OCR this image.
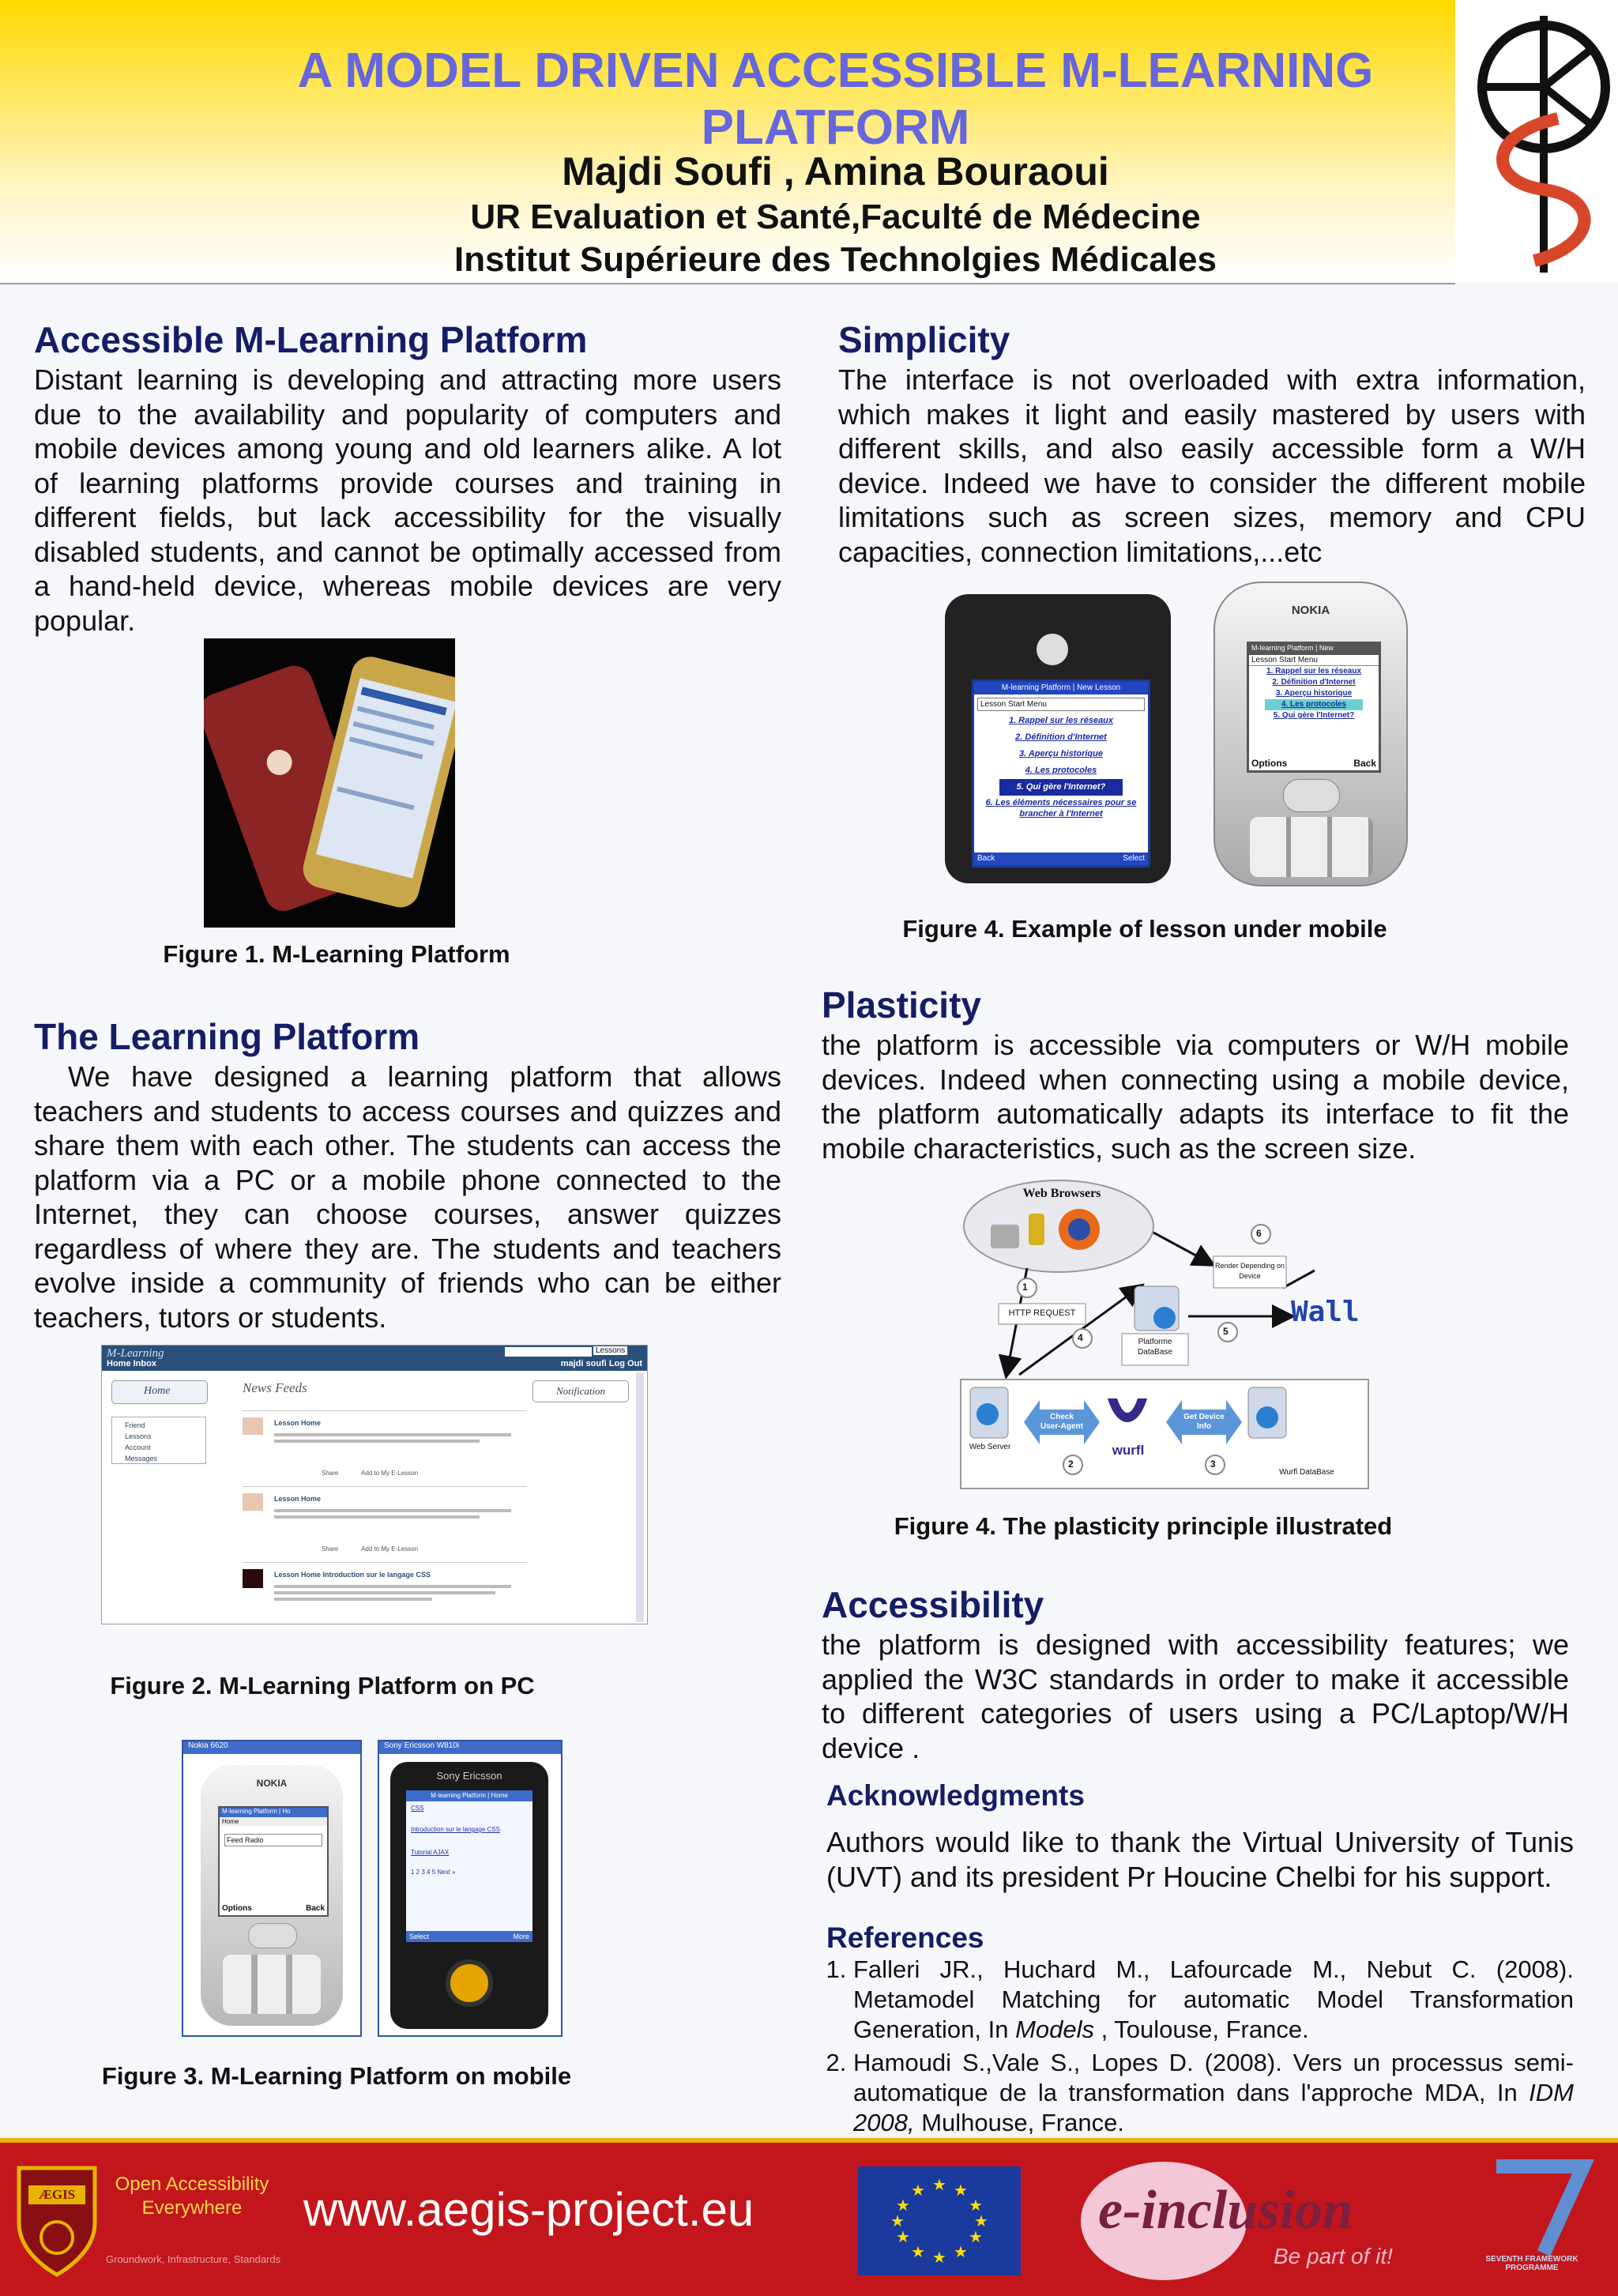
A MODEL DRIVEN ACCESSIBLE M-LEARNING
PLATFORM
Majdi Soufi , Amina Bouraoui
UR Evaluation et Santé,Faculté de Médecine
Institut Supérieure des Technolgies Médicales
Accessible M-Learning Platform
Distant learning is developing and attracting more users due to the availability and popularity of computers and mobile devices among young and old learners alike. A lot of learning platforms provide courses and training in different fields, but lack accessibility for the visually disabled students, and cannot be optimally accessed from a hand-held device, whereas mobile devices are very popular.
Figure 1. M-Learning Platform
The Learning Platform
We have designed a learning platform that allows teachers and students to access courses and quizzes and share them with each other. The students can access the platform via a PC or a mobile phone connected to the Internet, they can choose courses, answer quizzes regardless of where they are. The students and teachers evolve inside a community of friends who can be either teachers, tutors or students.
M-Learning
Home Inbox	majdi soufi Log Out
Lessons
Home
Friend
Lessons
Account
Messages
News Feeds	Notification
Lesson Home
Share	Add to My E-Lesson
Lesson Home
Share	Add to My E-Lesson
Lesson Home Introduction sur le langage CSS
Figure 2. M-Learning Platform on PC
Nokia 6620
NOKIA
M-learning Platform | Ho
Home
Feed Radio
Options	Back
Sony Ericsson W810i
Sony Ericsson
M-learning Platform | Home
CSS
Introduction sur le langage CSS
Tutorial AJAX
1 2 3 4 5 Next »
Select	More
Figure 3. M-Learning Platform on mobile
Simplicity
The interface is not overloaded with extra information, which makes it light and easily mastered by users with different skills, and also easily accessible form a W/H device. Indeed we have to consider the different mobile limitations such as screen sizes, memory and CPU capacities, connection limitations,...etc
M-learning Platform | New Lesson
Lesson Start Menu
1. Rappel sur les réseaux
2. Définition d'Internet
3. Aperçu historique
4. Les protocoles
5. Qui gère l'Internet?
6. Les éléments nécessaires pour se brancher à l'Internet
Back	Select
NOKIA
M-learning Platform | New
Lesson Start Menu
1. Rappel sur les réseaux
2. Définition d'Internet
3. Aperçu historique
4. Les protocoles
5. Qui gère l'Internet?
Options	Back
Figure 4. Example of lesson under mobile
Plasticity
the platform is accessible via computers or W/H mobile devices. Indeed when connecting using a mobile device, the platform automatically adapts its interface to fit the mobile characteristics, such as the screen size.
Web Browsers
HTTP REQUEST
Platforme DataBase
Render Depending on Device
Wall
Web Server
Check User-Agent
wurfl
Get Device Info
Wurfl DataBase
1
2	3
4
5
6
Figure 4. The plasticity principle illustrated
Accessibility
the platform is designed with accessibility features; we applied the W3C standards in order to make it accessible to different categories of users using a PC/Laptop/W/H device .
Acknowledgments
Authors would like to thank the Virtual University of Tunis (UVT) and its president Pr Houcine Chelbi for his support.
References
1. Falleri JR., Huchard M., Lafourcade M., Nebut C. (2008). Metamodel Matching for automatic Model Transformation Generation, In Models , Toulouse, France.
2. Hamoudi S.,Vale S., Lopes D. (2008). Vers un processus semi-automatique de la transformation dans l'approche MDA, In IDM 2008, Mulhouse, France.
ÆGIS	Open Accessibility
Everywhere
Groundwork, Infrastructure, Standards
www.aegis-project.eu	★ ★
★
★
★
★
★
★
★
★
★
★	e-inclusion
Be part of it!	SEVENTH FRAMEWORK PROGRAMME
